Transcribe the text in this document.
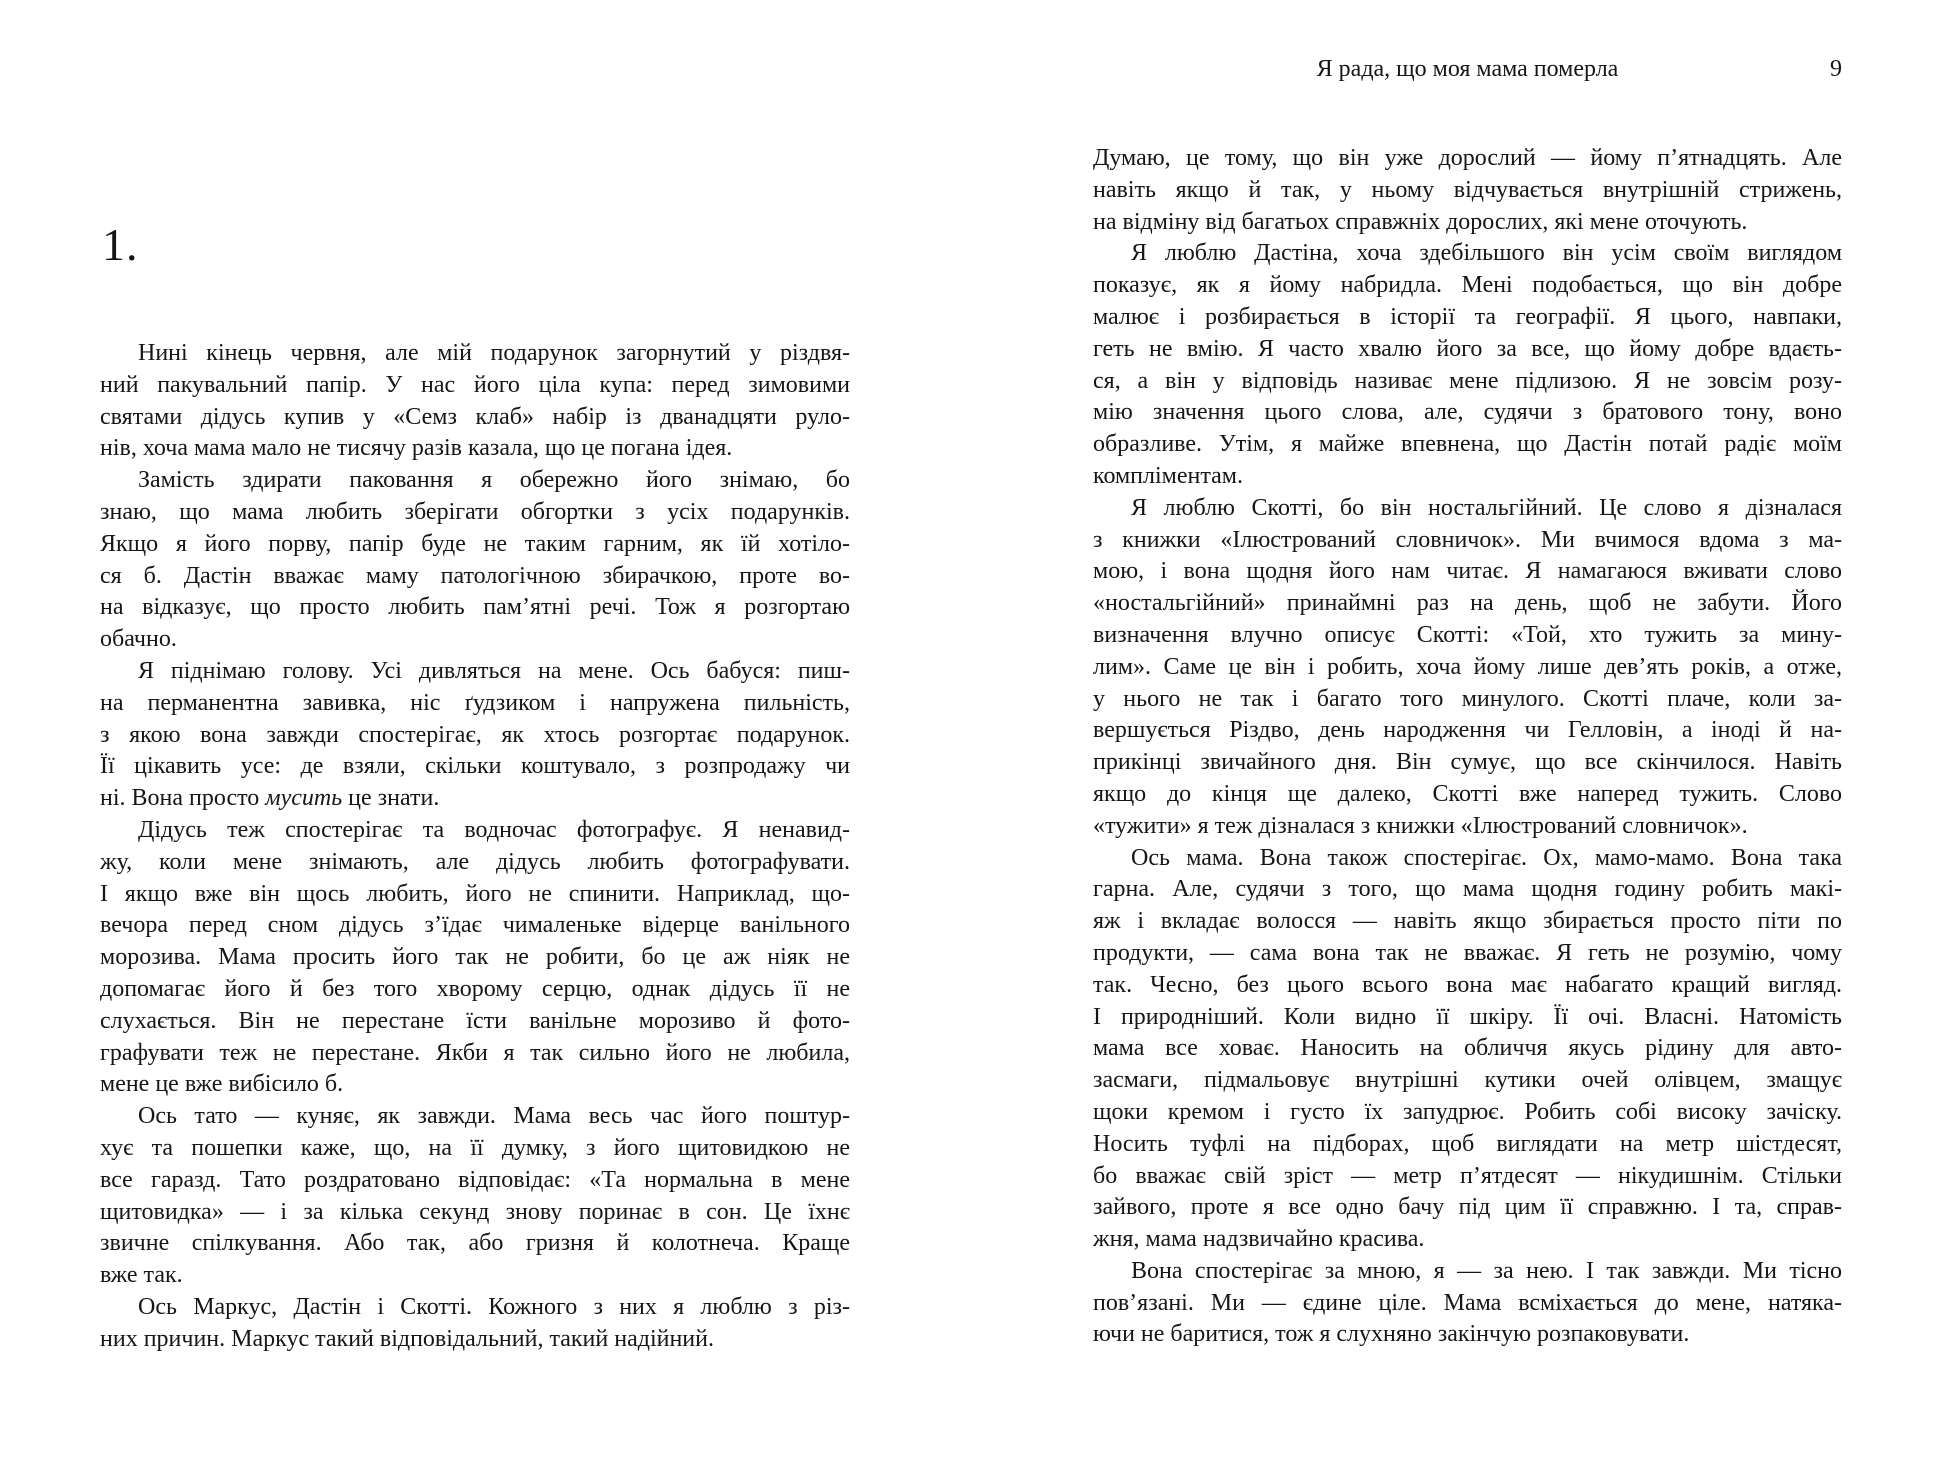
1.
Нині кінець червня, але мій подарунок загорнутий у різдвя-
ний пакувальний папір. У нас його ціла купа: перед зимовими
святами дідусь купив у «Семз клаб» набір із дванадцяти руло-
нів, хоча мама мало не тисячу разів казала, що це погана ідея.
Замість здирати паковання я обережно його знімаю, бо
знаю, що мама любить зберігати обгортки з усіх подарунків.
Якщо я його порву, папір буде не таким гарним, як їй хотіло-
ся б. Дастін вважає маму патологічною збирачкою, проте во-
на відказує, що просто любить пам’ятні речі. Тож я розгортаю
обачно.
Я піднімаю голову. Усі дивляться на мене. Ось бабуся: пиш-
на перманентна завивка, ніс ґудзиком і напружена пильність,
з якою вона завжди спостерігає, як хтось розгортає подарунок.
Її цікавить усе: де взяли, скільки коштувало, з розпродажу чи
ні. Вона просто мусить це знати.
Дідусь теж спостерігає та водночас фотографує. Я ненавид-
жу, коли мене знімають, але дідусь любить фотографувати.
І якщо вже він щось любить, його не спинити. Наприклад, що-
вечора перед сном дідусь з’їдає чималеньке відерце ванільного
морозива. Мама просить його так не робити, бо це аж ніяк не
допомагає його й без того хворому серцю, однак дідусь її не
слухається. Він не перестане їсти ванільне морозиво й фото-
графувати теж не перестане. Якби я так сильно його не любила,
мене це вже вибісило б.
Ось тато — куняє, як завжди. Мама весь час його поштур-
хує та пошепки каже, що, на її думку, з його щитовидкою не
все гаразд. Тато роздратовано відповідає: «Та нормальна в мене
щитовидка» — і за кілька секунд знову поринає в сон. Це їхнє
звичне спілкування. Або так, або гризня й колотнеча. Краще
вже так.
Ось Маркус, Дастін і Скотті. Кожного з них я люблю з різ-
них причин. Маркус такий відповідальний, такий надійний.
Я рада, що моя мама померла	9
Думаю, це тому, що він уже дорослий — йому п’ятнадцять. Але
навіть якщо й так, у ньому відчувається внутрішній стрижень,
на відміну від багатьох справжніх дорослих, які мене оточують.
Я люблю Дастіна, хоча здебільшого він усім своїм виглядом
показує, як я йому набридла. Мені подобається, що він добре
малює і розбирається в історії та географії. Я цього, навпаки,
геть не вмію. Я часто хвалю його за все, що йому добре вдаєть-
ся, а він у відповідь називає мене підлизою. Я не зовсім розу-
мію значення цього слова, але, судячи з братового тону, воно
образливе. Утім, я майже впевнена, що Дастін потай радіє моїм
компліментам.
Я люблю Скотті, бо він ностальгійний. Це слово я дізналася
з книжки «Ілюстрований словничок». Ми вчимося вдома з ма-
мою, і вона щодня його нам читає. Я намагаюся вживати слово
«ностальгійний» принаймні раз на день, щоб не забути. Його
визначення влучно описує Скотті: «Той, хто тужить за мину-
лим». Саме це він і робить, хоча йому лише дев’ять років, а отже,
у нього не так і багато того минулого. Скотті плаче, коли за-
вершується Різдво, день народження чи Гелловін, а іноді й на-
прикінці звичайного дня. Він сумує, що все скінчилося. Навіть
якщо до кінця ще далеко, Скотті вже наперед тужить. Слово
«тужити» я теж дізналася з книжки «Ілюстрований словничок».
Ось мама. Вона також спостерігає. Ох, мамо-мамо. Вона така
гарна. Але, судячи з того, що мама щодня годину робить макі-
яж і вкладає волосся — навіть якщо збирається просто піти по
продукти, — сама вона так не вважає. Я геть не розумію, чому
так. Чесно, без цього всього вона має набагато кращий вигляд.
І природніший. Коли видно її шкіру. Її очі. Власні. Натомість
мама все ховає. Наносить на обличчя якусь рідину для авто-
засмаги, підмальовує внутрішні кутики очей олівцем, змащує
щоки кремом і густо їх запудрює. Робить собі високу зачіску.
Носить туфлі на підборах, щоб виглядати на метр шістдесят,
бо вважає свій зріст — метр п’ятдесят — нікудишнім. Стільки
зайвого, проте я все одно бачу під цим її справжню. І та, справ-
жня, мама надзвичайно красива.
Вона спостерігає за мною, я — за нею. І так завжди. Ми тісно
пов’язані. Ми — єдине ціле. Мама всміхається до мене, натяка-
ючи не баритися, тож я слухняно закінчую розпаковувати.
